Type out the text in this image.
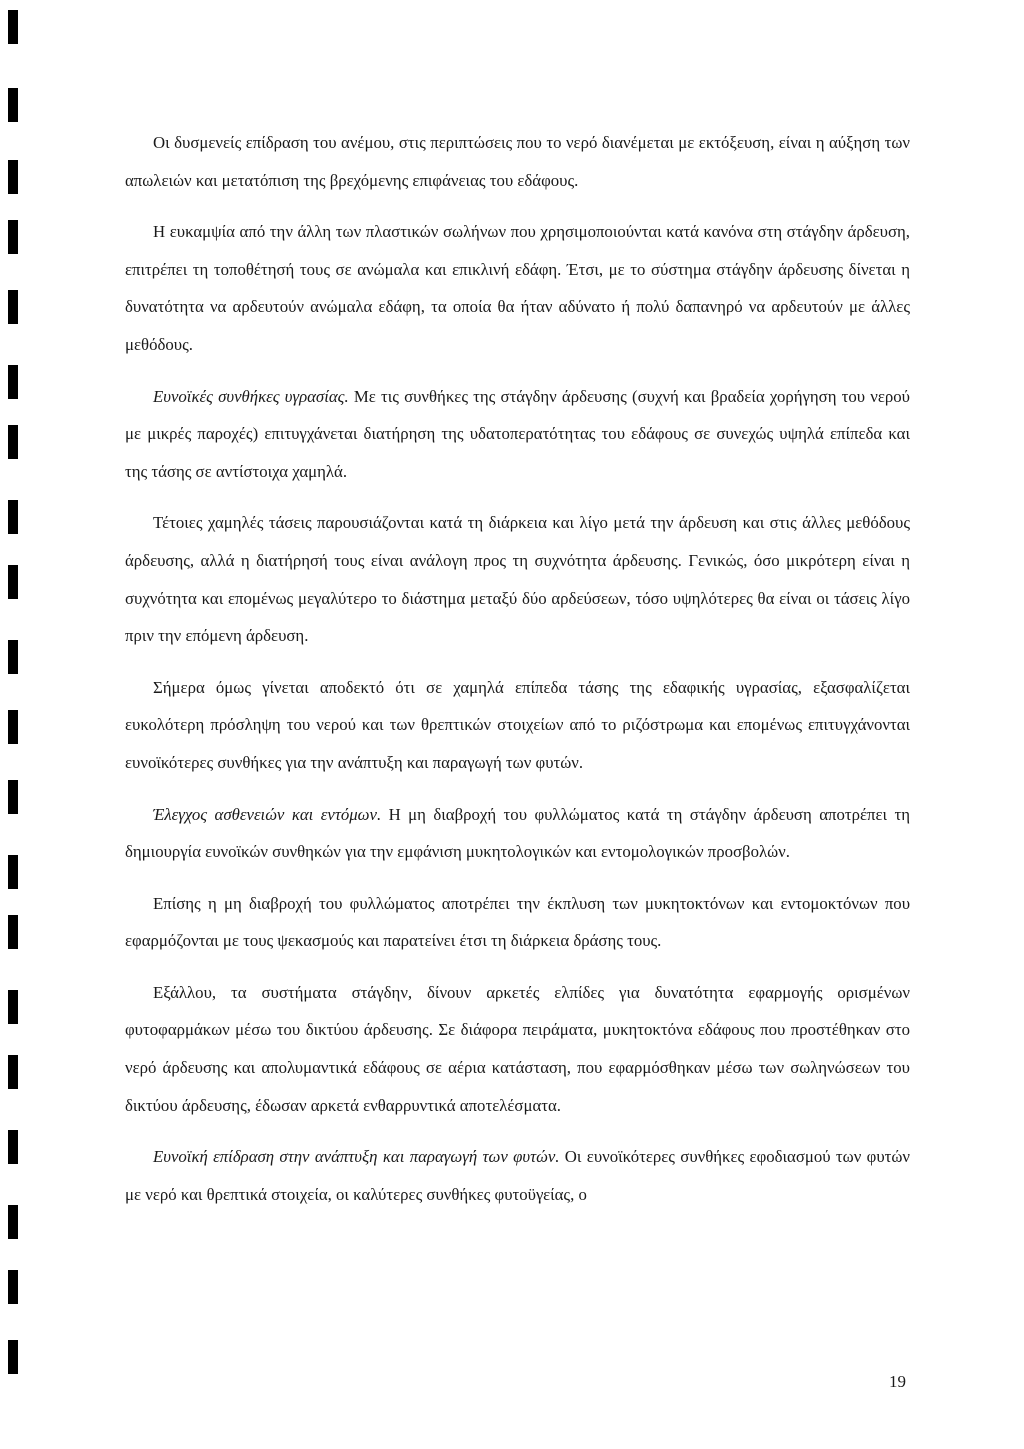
Οι δυσμενείς επίδραση του ανέμου, στις περιπτώσεις που το νερό διανέμεται με εκτόξευση, είναι η αύξηση των απωλειών και μετατόπιση της βρεχόμενης επιφάνειας του εδάφους.

Η ευκαμψία από την άλλη των πλαστικών σωλήνων που χρησιμοποιούνται κατά κανόνα στη στάγδην άρδευση, επιτρέπει τη τοποθέτησή τους σε ανώμαλα και επικλινή εδάφη. Έτσι, με το σύστημα στάγδην άρδευσης δίνεται η δυνατότητα να αρδευτούν ανώμαλα εδάφη, τα οποία θα ήταν αδύνατο ή πολύ δαπανηρό να αρδευτούν με άλλες μεθόδους.

Ευνοϊκές συνθήκες υγρασίας. Με τις συνθήκες της στάγδην άρδευσης (συχνή και βραδεία χορήγηση του νερού με μικρές παροχές) επιτυγχάνεται διατήρηση της υδατοπερατότητας του εδάφους σε συνεχώς υψηλά επίπεδα και της τάσης σε αντίστοιχα χαμηλά.

Τέτοιες χαμηλές τάσεις παρουσιάζονται κατά τη διάρκεια και λίγο μετά την άρδευση και στις άλλες μεθόδους άρδευσης, αλλά η διατήρησή τους είναι ανάλογη προς τη συχνότητα άρδευσης. Γενικώς, όσο μικρότερη είναι η συχνότητα και επομένως μεγαλύτερο το διάστημα μεταξύ δύο αρδεύσεων, τόσο υψηλότερες θα είναι οι τάσεις λίγο πριν την επόμενη άρδευση.

Σήμερα όμως γίνεται αποδεκτό ότι σε χαμηλά επίπεδα τάσης της εδαφικής υγρασίας, εξασφαλίζεται ευκολότερη πρόσληψη του νερού και των θρεπτικών στοιχείων από το ριζόστρωμα και επομένως επιτυγχάνονται ευνοϊκότερες συνθήκες για την ανάπτυξη και παραγωγή των φυτών.

Έλεγχος ασθενειών και εντόμων. Η μη διαβροχή του φυλλώματος κατά τη στάγδην άρδευση αποτρέπει τη δημιουργία ευνοϊκών συνθηκών για την εμφάνιση μυκητολογικών και εντομολογικών προσβολών.

Επίσης η μη διαβροχή του φυλλώματος αποτρέπει την έκπλυση των μυκητοκτόνων και εντομοκτόνων που εφαρμόζονται με τους ψεκασμούς και παρατείνει έτσι τη διάρκεια δράσης τους.

Εξάλλου, τα συστήματα στάγδην, δίνουν αρκετές ελπίδες για δυνατότητα εφαρμογής ορισμένων φυτοφαρμάκων μέσω του δικτύου άρδευσης. Σε διάφορα πειράματα, μυκητοκτόνα εδάφους που προστέθηκαν στο νερό άρδευσης και απολυμαντικά εδάφους σε αέρια κατάσταση, που εφαρμόσθηκαν μέσω των σωληνώσεων του δικτύου άρδευσης, έδωσαν αρκετά ενθαρρυντικά αποτελέσματα.

Ευνοϊκή επίδραση στην ανάπτυξη και παραγωγή των φυτών. Οι ευνοϊκότερες συνθήκες εφοδιασμού των φυτών με νερό και θρεπτικά στοιχεία, οι καλύτερες συνθήκες φυτοϋγείας, ο

19
